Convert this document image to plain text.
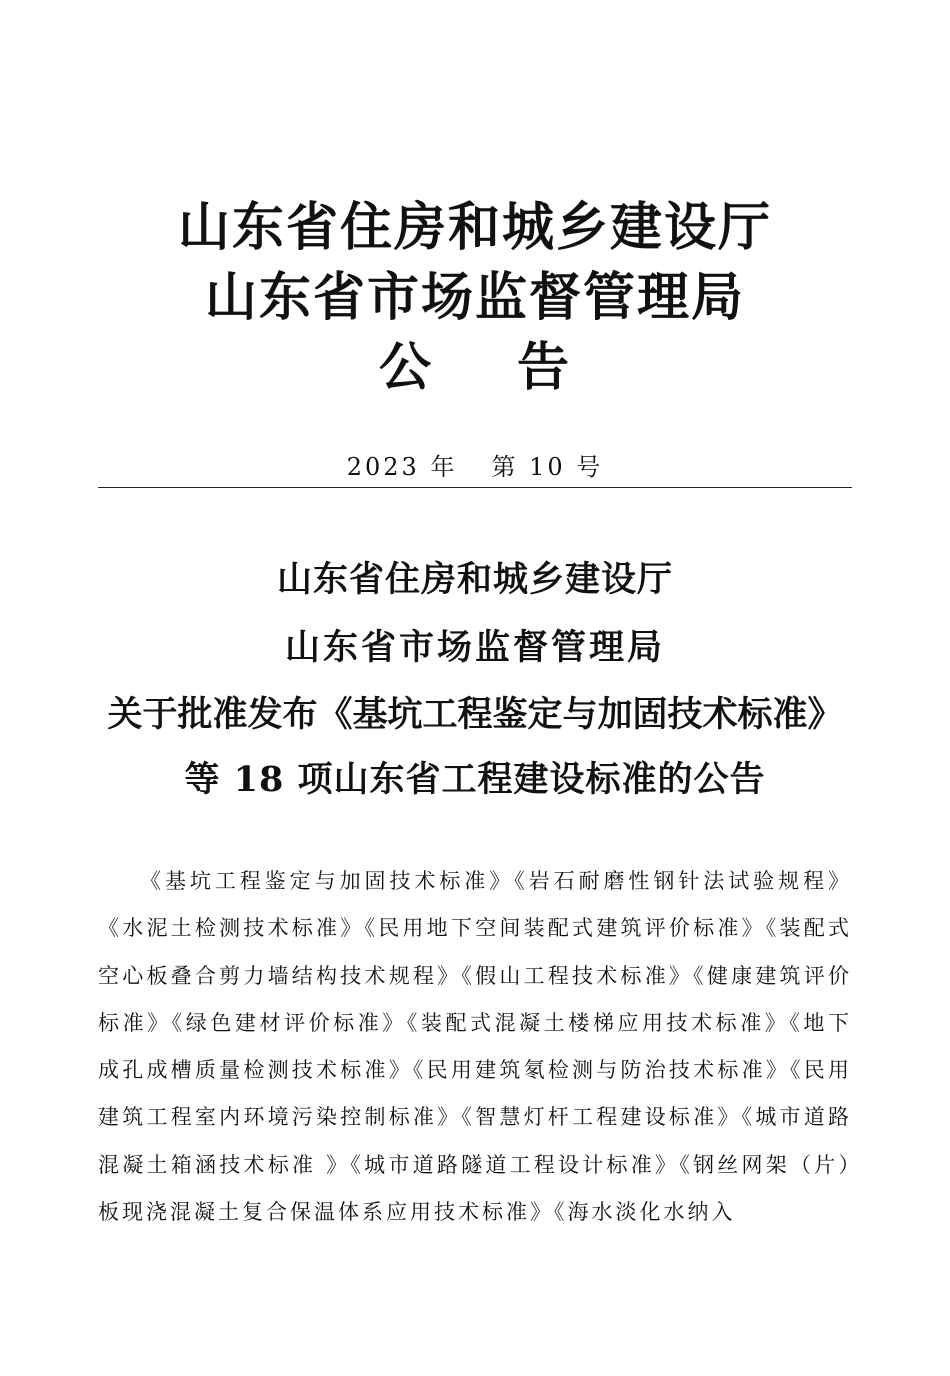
山东省住房和城乡建设厅
山东省市场监督管理局
公 告
2023 年 第 10 号
山东省住房和城乡建设厅
山东省市场监督管理局
关于批准发布《基坑工程鉴定与加固技术标准》
等 18 项山东省工程建设标准的公告

《基坑工程鉴定与加固技术标准》《岩石耐磨性钢针法试验规程》《水泥土检测技术标准》《民用地下空间装配式建筑评价标准》《装配式空心板叠合剪力墙结构技术规程》《假山工程技术标准》《健康建筑评价标准》《绿色建材评价标准》《装配式混凝土楼梯应用技术标准》《地下成孔成槽质量检测技术标准》《民用建筑氡检测与防治技术标准》《民用建筑工程室内环境污染控制标准》《智慧灯杆工程建设标准》《城市道路混凝土箱涵技术标准 》《城市道路隧道工程设计标准》《钢丝网架（片）板现浇混凝土复合保温体系应用技术标准》《海水淡化水纳入
